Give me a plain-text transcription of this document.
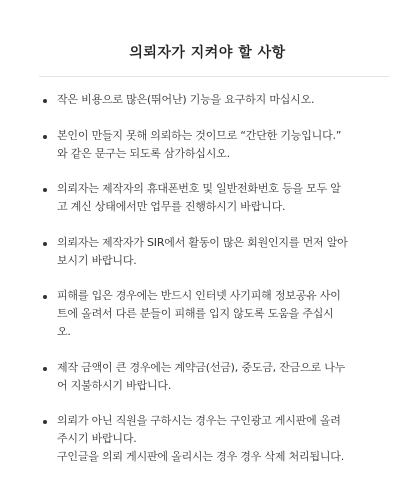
의뢰자가 지켜야 할 사항
작은 비용으로 많은(뛰어난) 기능을 요구하지 마십시오.
본인이 만들지 못해 의뢰하는 것이므로 “간단한 기능입니다.”
와 같은 문구는 되도록 삼가하십시오.
의뢰자는 제작자의 휴대폰번호 및 일반전화번호 등을 모두 알
고 계신 상태에서만 업무를 진행하시기 바랍니다.
의뢰자는 제작자가 SIR에서 활동이 많은 회원인지를 먼저 알아
보시기 바랍니다.
피해를 입은 경우에는 반드시 인터넷 사기피해 정보공유 사이
트에 올려서 다른 분들이 피해를 입지 않도록 도움을 주십시
오.
제작 금액이 큰 경우에는 계약금(선금), 중도금, 잔금으로 나누
어 지불하시기 바랍니다.
의뢰가 아닌 직원을 구하시는 경우는 구인광고 게시판에 올려
주시기 바랍니다.
구인글을 의뢰 게시판에 올리시는 경우 경우 삭제 처리됩니다.
